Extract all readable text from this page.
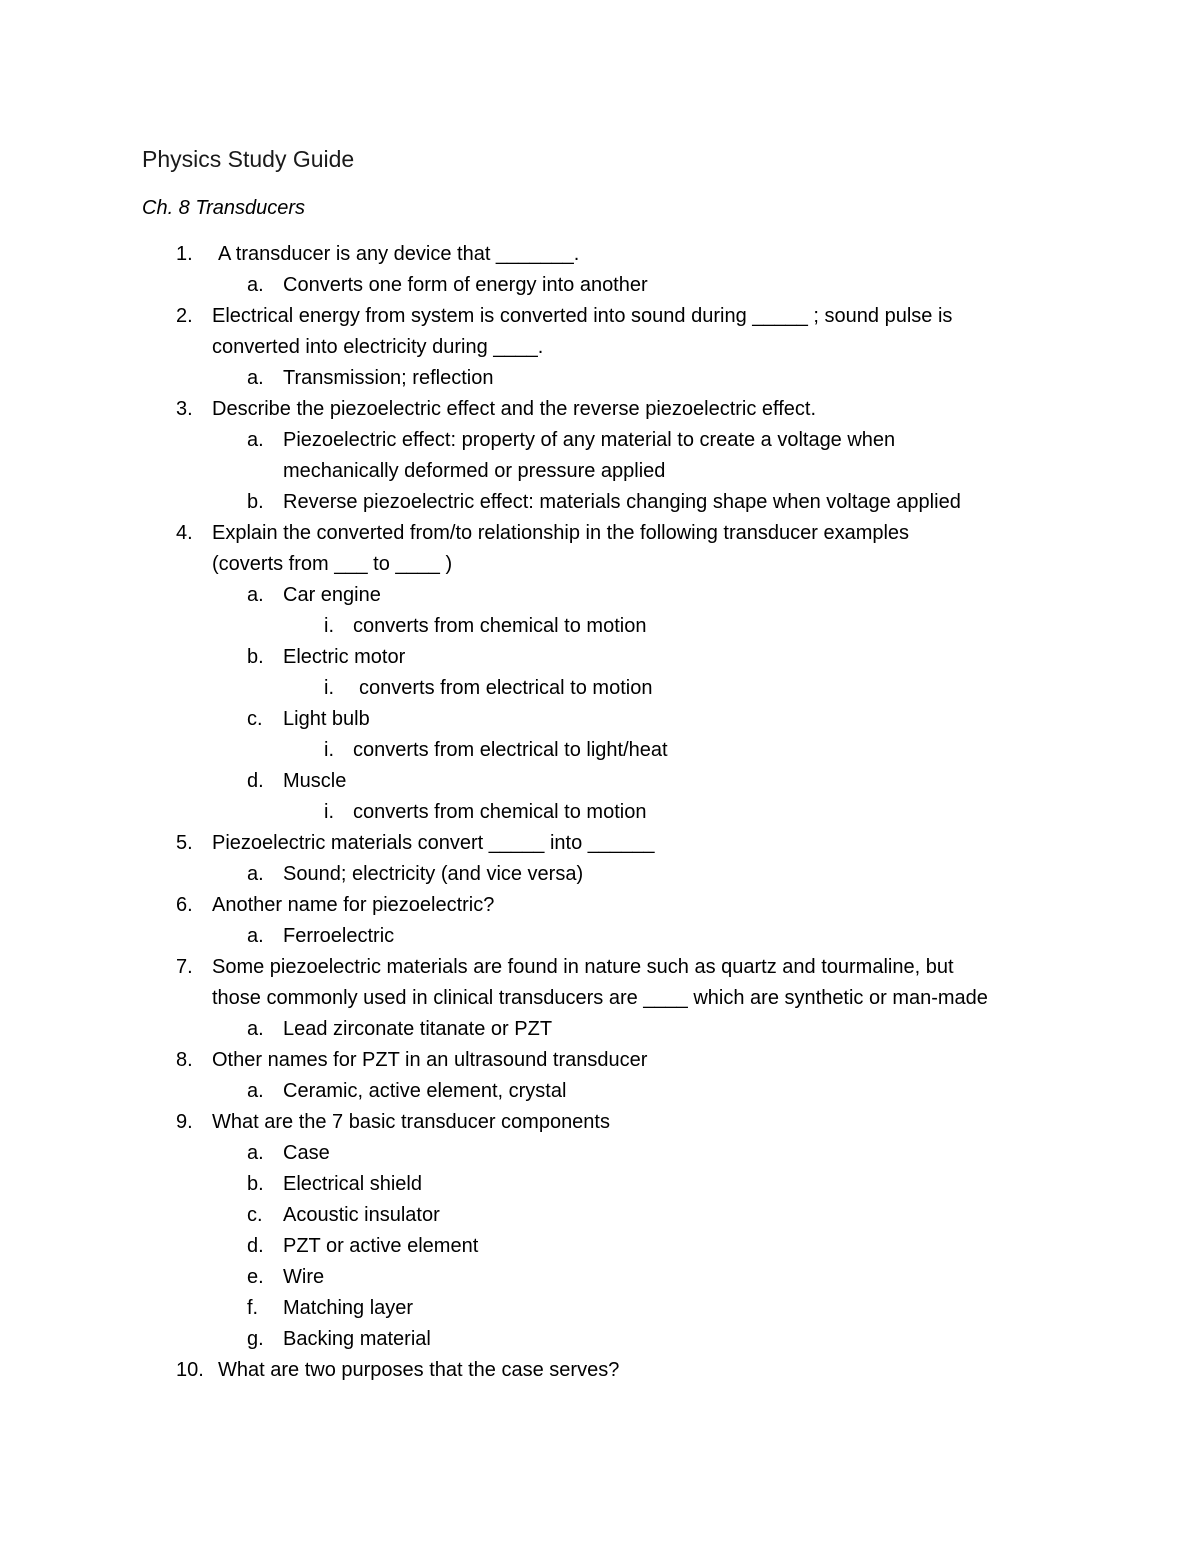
Physics Study Guide
Ch. 8 Transducers
1. A transducer is any device that _______.
a. Converts one form of energy into another
2. Electrical energy from system is converted into sound during _____ ; sound pulse is
converted into electricity during ____.
a. Transmission; reflection
3. Describe the piezoelectric effect and the reverse piezoelectric effect.
a. Piezoelectric effect: property of any material to create a voltage when
mechanically deformed or pressure applied
b. Reverse piezoelectric effect: materials changing shape when voltage applied
4. Explain the converted from/to relationship in the following transducer examples
(coverts from ___ to ____ )
a. Car engine
i. converts from chemical to motion
b. Electric motor
i. converts from electrical to motion
c. Light bulb
i. converts from electrical to light/heat
d. Muscle
i. converts from chemical to motion
5. Piezoelectric materials convert _____ into ______
a. Sound; electricity (and vice versa)
6. Another name for piezoelectric?
a. Ferroelectric
7. Some piezoelectric materials are found in nature such as quartz and tourmaline, but
those commonly used in clinical transducers are ____ which are synthetic or man-made
a. Lead zirconate titanate or PZT
8. Other names for PZT in an ultrasound transducer
a. Ceramic, active element, crystal
9. What are the 7 basic transducer components
a. Case
b. Electrical shield
c. Acoustic insulator
d. PZT or active element
e. Wire
f. Matching layer
g. Backing material
10. What are two purposes that the case serves?
